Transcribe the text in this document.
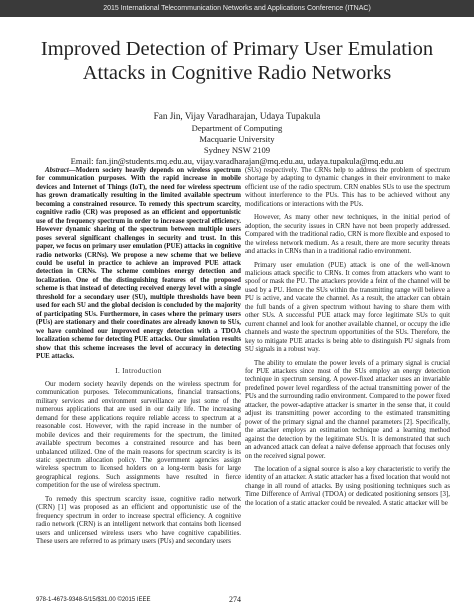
2015 International Telecommunication Networks and Applications Conference (ITNAC)
Improved Detection of Primary User Emulation
Attacks in Cognitive Radio Networks
Fan Jin, Vijay Varadharajan, Udaya Tupakula
Department of Computing
Macquarie University
Sydney NSW 2109
Email: fan.jin@students.mq.edu.au, vijay.varadharajan@mq.edu.au, udaya.tupakula@mq.edu.au

Abstract—Modern society heavily depends on wireless spectrum for communication purposes. With the rapid increase in mobile devices and Internet of Things (IoT), the need for wireless spectrum has grown dramatically resulting in the limited available spectrum becoming a constrained resource. To remedy this spectrum scarcity, cognitive radio (CR) was proposed as an efficient and opportunistic use of the frequency spectrum in order to increase spectral efficiency. However dynamic sharing of the spectrum between multiple users poses several significant challenges in security and trust. In this paper, we focus on primary user emulation (PUE) attacks in cognitive radio networks (CRNs). We propose a new scheme that we believe could be useful in practice to achieve an improved PUE attack detection in CRNs. The scheme combines energy detection and localization. One of the distinguishing features of the proposed scheme is that instead of detecting received energy level with a single threshold for a secondary user (SU), multiple thresholds have been used for each SU and the global decision is concluded by the majority of participating SUs. Furthermore, in cases where the primary users (PUs) are stationary and their coordinates are already known to SUs, we have combined our improved energy detection with a TDOA localization scheme for detecting PUE attacks. Our simulation results show that this scheme increases the level of accuracy in detecting PUE attacks.

I. Introduction

Our modern society heavily depends on the wireless spectrum for communication purposes. Telecommunications, financial transactions, military services and environment surveillance are just some of the numerous applications that are used in our daily life. The increasing demand for these applications require reliable access to spectrum at a reasonable cost. However, with the rapid increase in the number of mobile devices and their requirements for the spectrum, the limited available spectrum becomes a constrained resource and has been unbalanced utilized. One of the main reasons for spectrum scarcity is its static spectrum allocation policy. The government agencies assign wireless spectrum to licensed holders on a long-term basis for large geographical regions. Such assignments have resulted in fierce competition for the use of wireless spectrum.

To remedy this spectrum scarcity issue, cognitive radio network (CRN) [1] was proposed as an efficient and opportunistic use of the frequency spectrum in order to increase spectral efficiency. A cognitive radio network (CRN) is an intelligent network that contains both licensed users and unlicensed wireless users who have cognitive capabilities. These users are referred to as primary users (PUs) and secondary users

(SUs) respectively. The CRNs help to address the problem of spectrum shortage by adapting to dynamic changes in their environment to make efficient use of the radio spectrum. CRN enables SUs to use the spectrum without interference to the PUs. This has to be achieved without any modifications or interactions with the PUs.

However, As many other new techniques, in the initial period of adoption, the security issues in CRN have not been properly addressed. Compared with the traditional radio, CRN is more flexible and exposed to the wireless network medium. As a result, there are more security threats and attacks in CRNs than in a traditional radio environment.

Primary user emulation (PUE) attack is one of the well-known malicious attack specific to CRNs. It comes from attackers who want to spoof or mask the PU. The attackers provide a feint of the channel will be used by a PU. Hence the SUs within the transmitting range will believe a PU is active, and vacate the channel. As a result, the attacker can obtain the full bands of a given spectrum without having to share them with other SUs. A successful PUE attack may force legitimate SUs to quit current channel and look for another available channel, or occupy the idle channels and waste the spectrum opportunities of the SUs. Therefore, the key to mitigate PUE attacks is being able to distinguish PU signals from SU signals in a robust way.

The ability to emulate the power levels of a primary signal is crucial for PUE attackers since most of the SUs employ an energy detection technique in spectrum sensing. A power-fixed attacker uses an invariable predefined power level regardless of the actual transmitting power of the PUs and the surrounding radio environment. Compared to the power fixed attacker, the power-adaptive attacker is smarter in the sense that, it could adjust its transmitting power according to the estimated transmitting power of the primary signal and the channel parameters [2]. Specifically, the attacker employs an estimation technique and a learning method against the detection by the legitimate SUs. It is demonstrated that such an advanced attack can defeat a naive defense approach that focuses only on the received signal power.

The location of a signal source is also a key characteristic to verify the identity of an attacker. A static attacker has a fixed location that would not change in all round of attacks. By using positioning techniques such as Time Difference of Arrival (TDOA) or dedicated positioning sensors [3], the location of a static attacker could be revealed. A static attacker will be

978-1-4673-9348-5/15/$31.00 ©2015 IEEE	274
